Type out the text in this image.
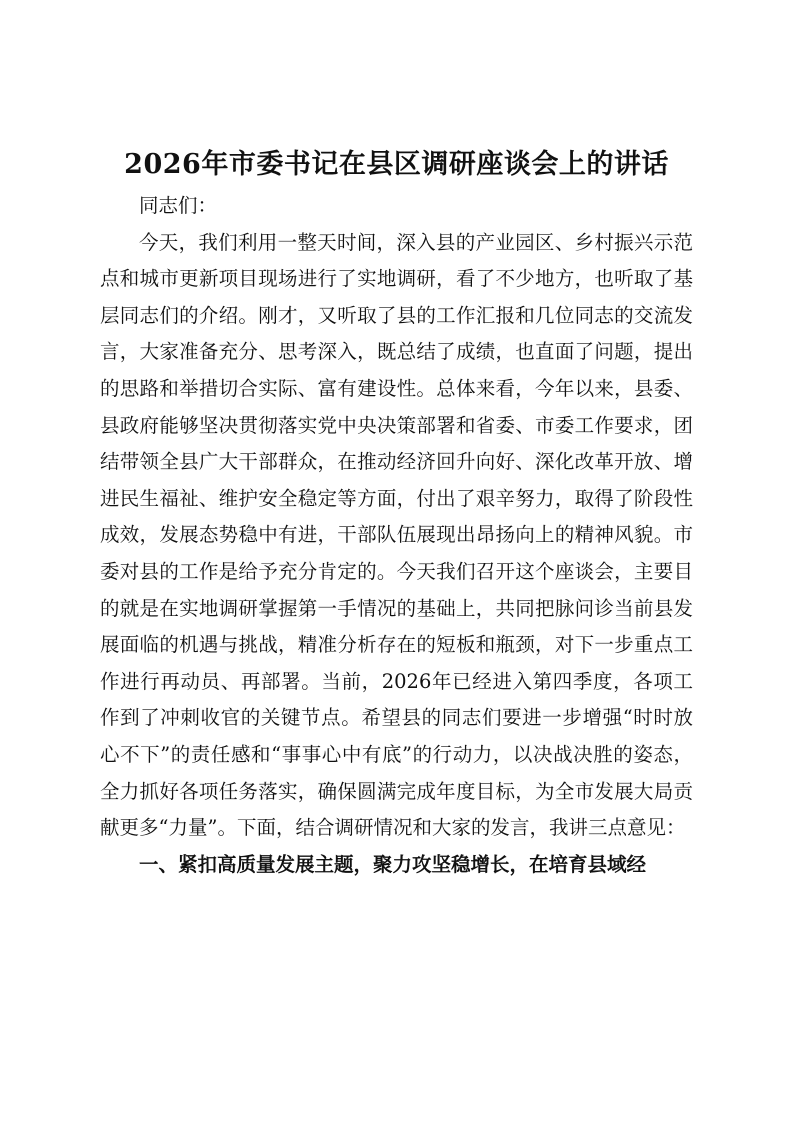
2026年市委书记在县区调研座谈会上的讲话

同志们：

今天，我们利用一整天时间，深入县的产业园区、乡村振兴示范点和城市更新项目现场进行了实地调研，看了不少地方，也听取了基层同志们的介绍。刚才，又听取了县的工作汇报和几位同志的交流发言，大家准备充分、思考深入，既总结了成绩，也直面了问题，提出的思路和举措切合实际、富有建设性。总体来看，今年以来，县委、县政府能够坚决贯彻落实党中央决策部署和省委、市委工作要求，团结带领全县广大干部群众，在推动经济回升向好、深化改革开放、增进民生福祉、维护安全稳定等方面，付出了艰辛努力，取得了阶段性成效，发展态势稳中有进，干部队伍展现出昂扬向上的精神风貌。市委对县的工作是给予充分肯定的。今天我们召开这个座谈会，主要目的就是在实地调研掌握第一手情况的基础上，共同把脉问诊当前县发展面临的机遇与挑战，精准分析存在的短板和瓶颈，对下一步重点工作进行再动员、再部署。当前，2026年已经进入第四季度，各项工作到了冲刺收官的关键节点。希望县的同志们要进一步增强“时时放心不下”的责任感和“事事心中有底”的行动力，以决战决胜的姿态，全力抓好各项任务落实，确保圆满完成年度目标，为全市发展大局贡献更多“力量”。下面，结合调研情况和大家的发言，我讲三点意见：

一、紧扣高质量发展主题，聚力攻坚稳增长，在培育县域经
